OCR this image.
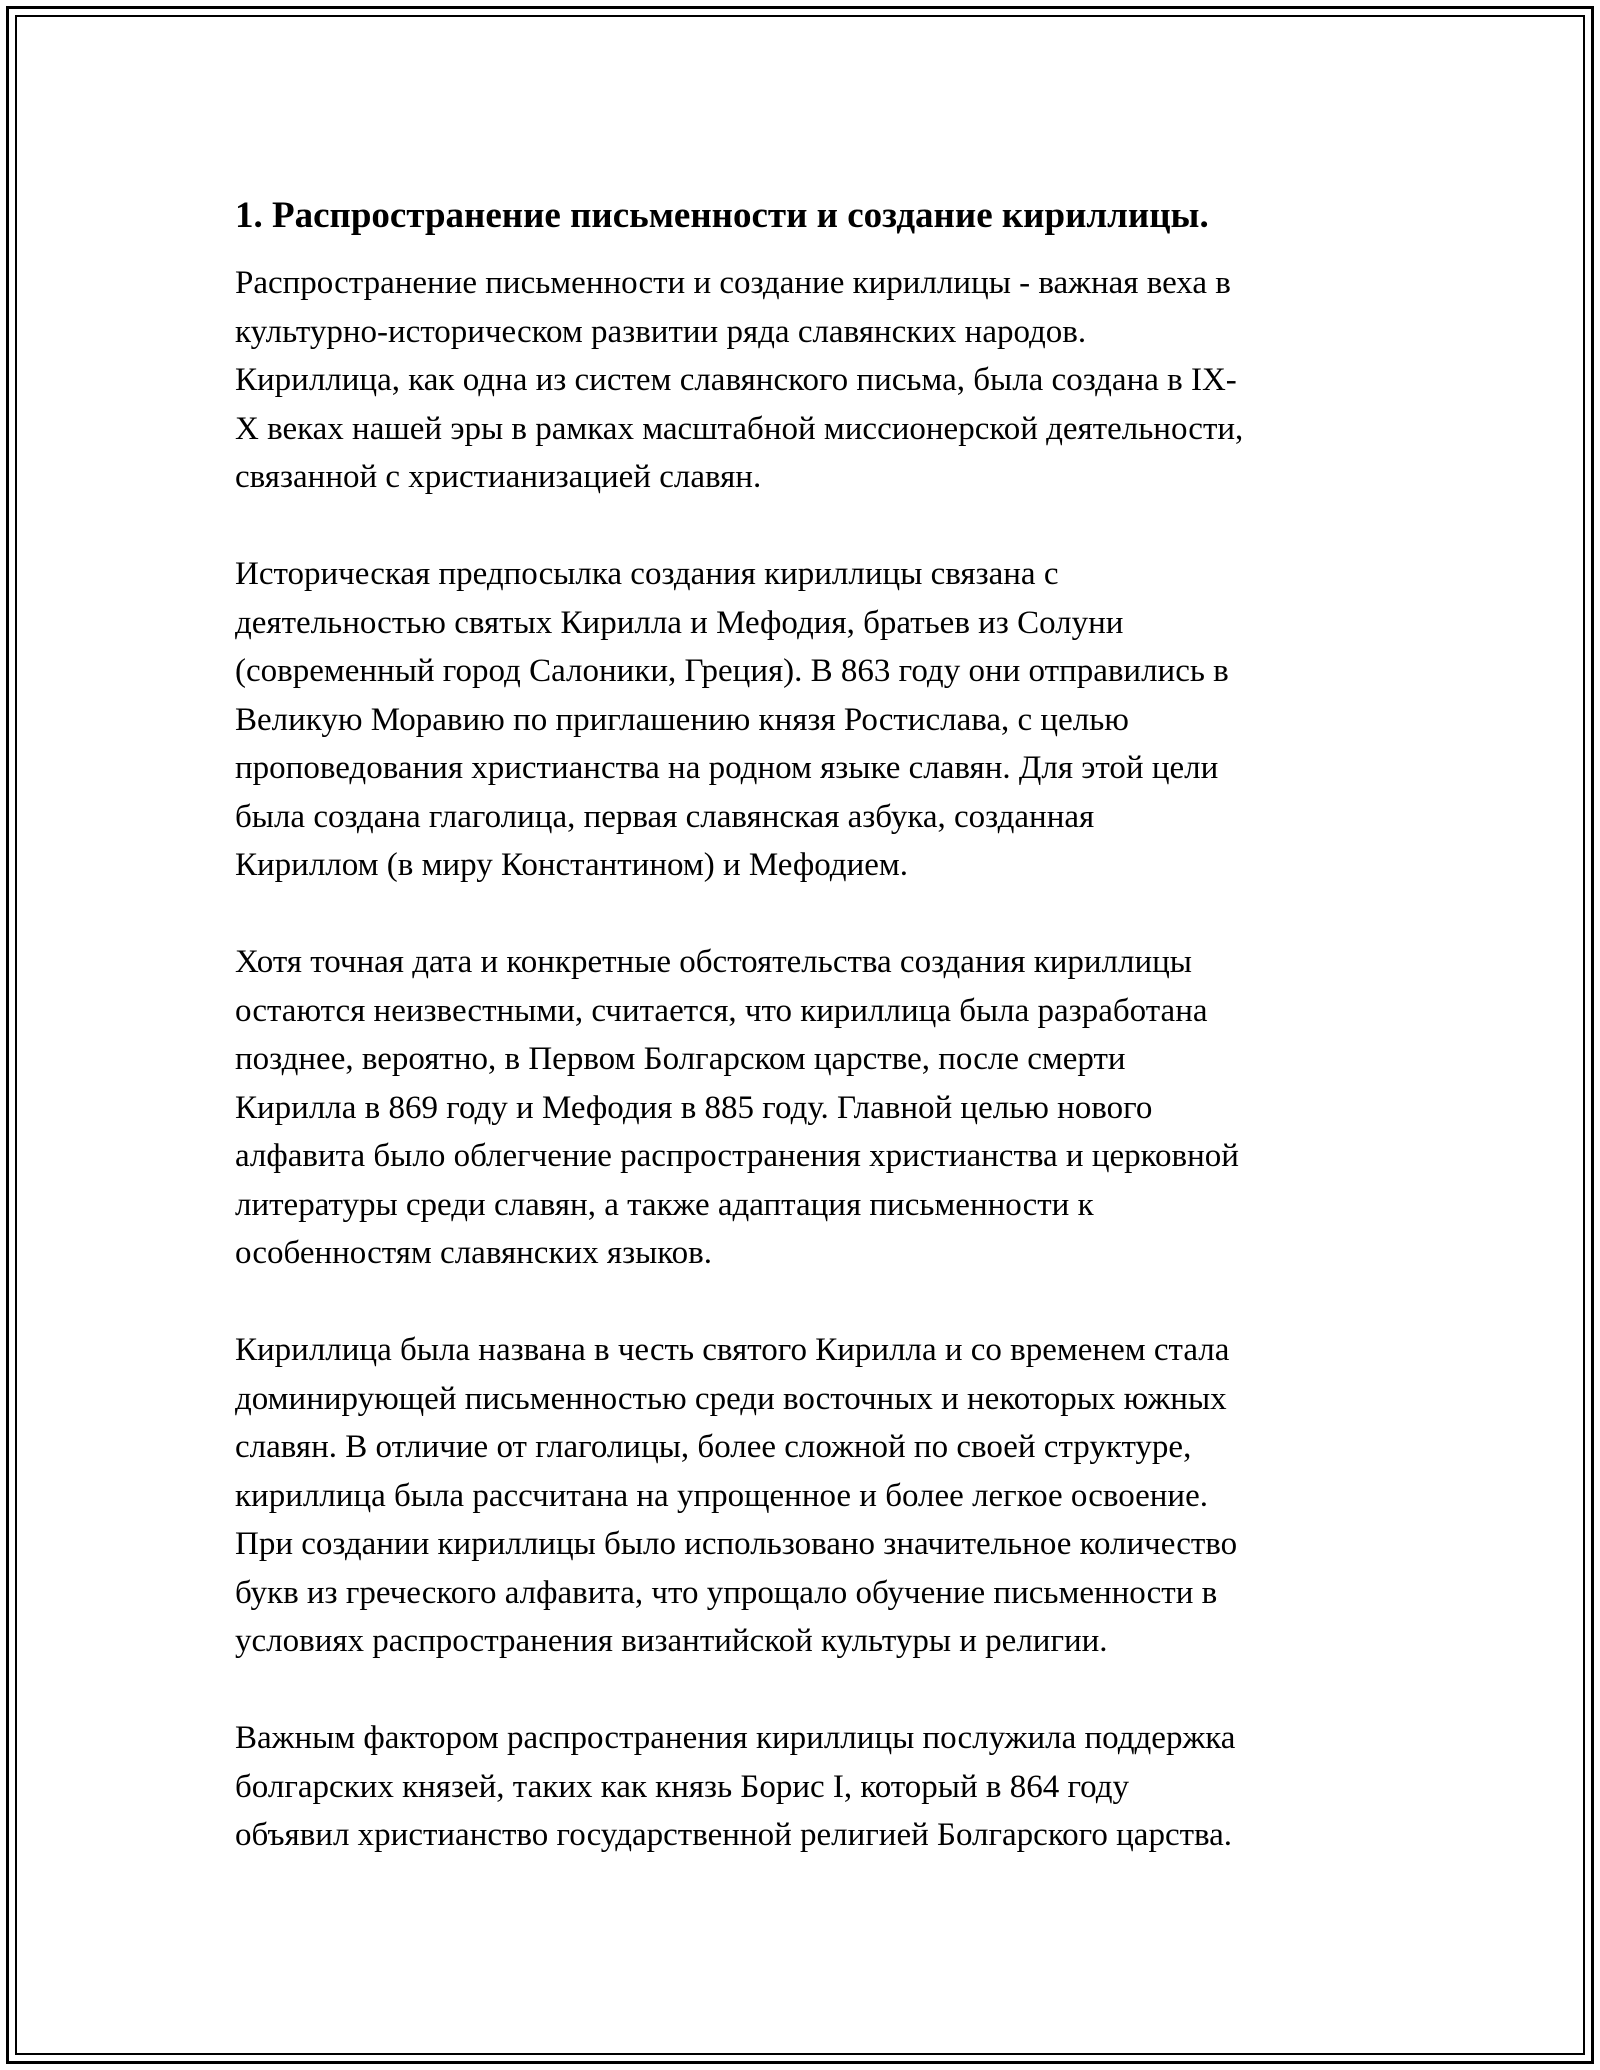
1. Распространение письменности и создание кириллицы.

Распространение письменности и создание кириллицы - важная веха в
культурно-историческом развитии ряда славянских народов.
Кириллица, как одна из систем славянского письма, была создана в IX-
X веках нашей эры в рамках масштабной миссионерской деятельности,
связанной с христианизацией славян.

Историческая предпосылка создания кириллицы связана с
деятельностью святых Кирилла и Мефодия, братьев из Солуни
(современный город Салоники, Греция). В 863 году они отправились в
Великую Моравию по приглашению князя Ростислава, с целью
проповедования христианства на родном языке славян. Для этой цели
была создана глаголица, первая славянская азбука, созданная
Кириллом (в миру Константином) и Мефодием.

Хотя точная дата и конкретные обстоятельства создания кириллицы
остаются неизвестными, считается, что кириллица была разработана
позднее, вероятно, в Первом Болгарском царстве, после смерти
Кирилла в 869 году и Мефодия в 885 году. Главной целью нового
алфавита было облегчение распространения христианства и церковной
литературы среди славян, а также адаптация письменности к
особенностям славянских языков.

Кириллица была названа в честь святого Кирилла и со временем стала
доминирующей письменностью среди восточных и некоторых южных
славян. В отличие от глаголицы, более сложной по своей структуре,
кириллица была рассчитана на упрощенное и более легкое освоение.
При создании кириллицы было использовано значительное количество
букв из греческого алфавита, что упрощало обучение письменности в
условиях распространения византийской культуры и религии.

Важным фактором распространения кириллицы послужила поддержка
болгарских князей, таких как князь Борис I, который в 864 году
объявил христианство государственной религией Болгарского царства.
